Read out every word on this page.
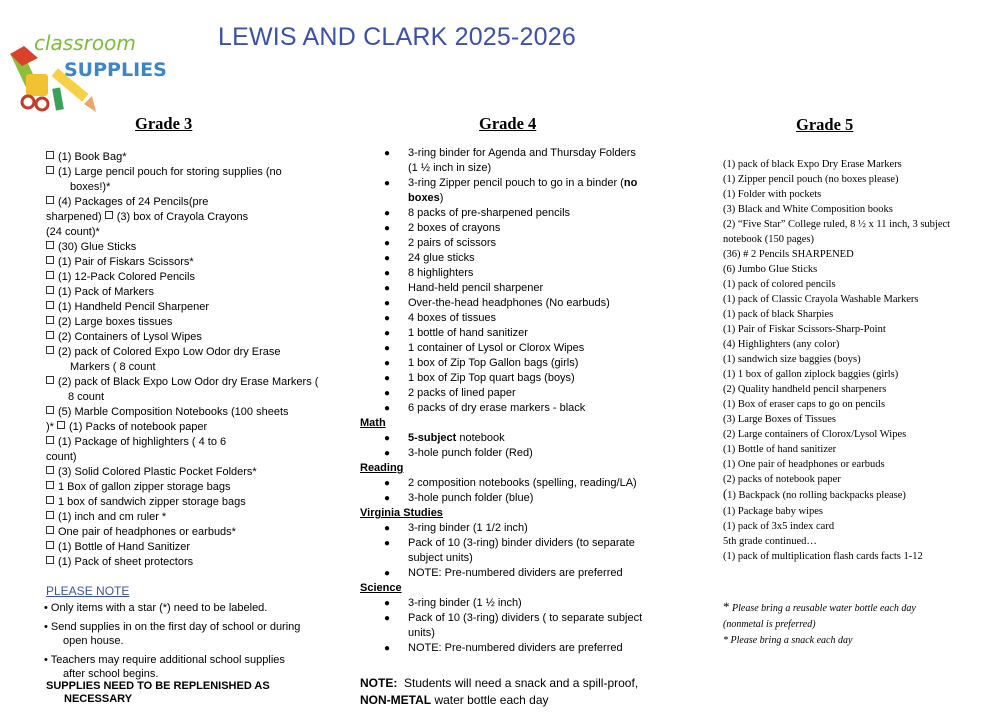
classroom
SUPPLIES
LEWIS AND CLARK 2025-2026
Grade 3	Grade 4	Grade 5
(1) Book Bag*
(1) Large pencil pouch for storing supplies (no
boxes!)*
(4) Packages of 24 Pencils(pre
sharpened) (3) box of Crayola Crayons
(24 count)*
(30) Glue Sticks
(1) Pair of Fiskars Scissors*
(1) 12-Pack Colored Pencils
(1) Pack of Markers
(1) Handheld Pencil Sharpener
(2) Large boxes tissues
(2) Containers of Lysol Wipes
(2) pack of Colored Expo Low Odor dry Erase
Markers ( 8 count
(2) pack of Black Expo Low Odor dry Erase Markers (
8 count
(5) Marble Composition Notebooks (100 sheets
)* (1) Packs of notebook paper
(1) Package of highlighters ( 4 to 6
count)
(3) Solid Colored Plastic Pocket Folders*
1 Box of gallon zipper storage bags
1 box of sandwich zipper storage bags
(1) inch and cm ruler *
One pair of headphones or earbuds*
(1) Bottle of Hand Sanitizer
(1) Pack of sheet protectors
PLEASE NOTE
• Only items with a star (*) need to be labeled.
• Send supplies in on the first day of school or during
open house.
• Teachers may require additional school supplies
after school begins.
SUPPLIES NEED TO BE REPLENISHED AS
NECESSARY
● 3-ring binder for Agenda and Thursday Folders (1 ½ inch in size)
● 3-ring Zipper pencil pouch to go in a binder (no boxes)
● 8 packs of pre-sharpened pencils
● 2 boxes of crayons
● 2 pairs of scissors
● 24 glue sticks
● 8 highlighters
● Hand-held pencil sharpener
● Over-the-head headphones (No earbuds)
● 4 boxes of tissues
● 1 bottle of hand sanitizer
● 1 container of Lysol or Clorox Wipes
● 1 box of Zip Top Gallon bags (girls)
● 1 box of Zip Top quart bags (boys)
● 2 packs of lined paper
● 6 packs of dry erase markers - black
Math
● 5-subject notebook
● 3-hole punch folder (Red)
Reading
● 2 composition notebooks (spelling, reading/LA)
● 3-hole punch folder (blue)
Virginia Studies
● 3-ring binder (1 1/2 inch)
● Pack of 10 (3-ring) binder dividers (to separate subject units)
● NOTE: Pre-numbered dividers are preferred
Science
● 3-ring binder (1 ½ inch)
● Pack of 10 (3-ring) dividers ( to separate subject units)
● NOTE: Pre-numbered dividers are preferred
NOTE:  Students will need a snack and a spill-proof,
NON-METAL water bottle each day
(1) pack of black Expo Dry Erase Markers
(1) Zipper pencil pouch (no boxes please)
(1) Folder with pockets
(3) Black and White Composition books
(2) “Five Star” College ruled, 8 ½ x 11 inch, 3 subject
notebook (150 pages)
(36) # 2 Pencils SHARPENED
(6) Jumbo Glue Sticks
(1) pack of colored pencils
(1) pack of Classic Crayola Washable Markers
(1) pack of black Sharpies
(1) Pair of Fiskar Scissors-Sharp-Point
(4) Highlighters (any color)
(1) sandwich size baggies (boys)
(1) 1 box of gallon ziplock baggies (girls)
(2) Quality handheld pencil sharpeners
(1) Box of eraser caps to go on pencils
(3) Large Boxes of Tissues
(2) Large containers of Clorox/Lysol Wipes
(1) Bottle of hand sanitizer
(1) One pair of headphones or earbuds
(2) packs of notebook paper
(1) Backpack (no rolling backpacks please)
(1) Package baby wipes
(1) pack of 3x5 index card
5th grade continued…
(1) pack of multiplication flash cards facts 1-12
* Please bring a reusable water bottle each day
(nonmetal is preferred)
* Please bring a snack each day
